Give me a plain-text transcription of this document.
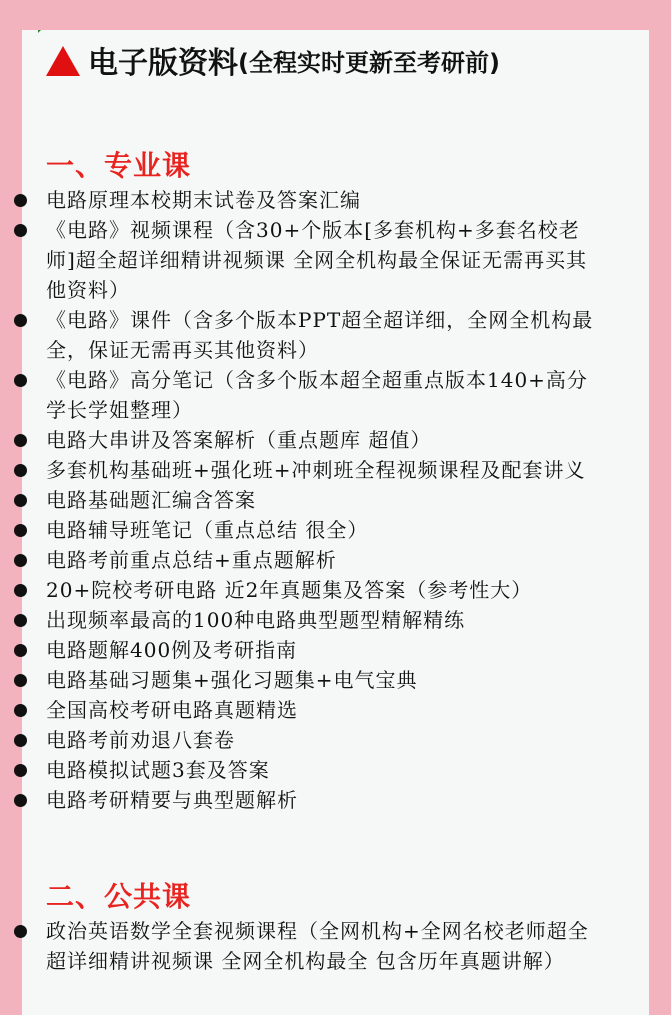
电子版资料 (全程实时更新至考研前)
一、专业课
电路原理本校期末试卷及答案汇编
《电路》视频课程（含30+个版本[多套机构+多套名校老师]超全超详细精讲视频课 全网全机构最全保证无需再买其他资料）
《电路》课件（含多个版本PPT超全超详细，全网全机构最全，保证无需再买其他资料）
《电路》高分笔记（含多个版本超全超重点版本140+高分学长学姐整理）
电路大串讲及答案解析（重点题库 超值）
多套机构基础班+强化班+冲刺班全程视频课程及配套讲义
电路基础题汇编含答案
电路辅导班笔记（重点总结 很全）
电路考前重点总结+重点题解析
20+院校考研电路 近2年真题集及答案（参考性大）
出现频率最高的100种电路典型题型精解精练
电路题解400例及考研指南
电路基础习题集+强化习题集+电气宝典
全国高校考研电路真题精选
电路考前劝退八套卷
电路模拟试题3套及答案
电路考研精要与典型题解析
二、公共课
政治英语数学全套视频课程（全网机构+全网名校老师超全超详细精讲视频课 全网全机构最全 包含历年真题讲解）
